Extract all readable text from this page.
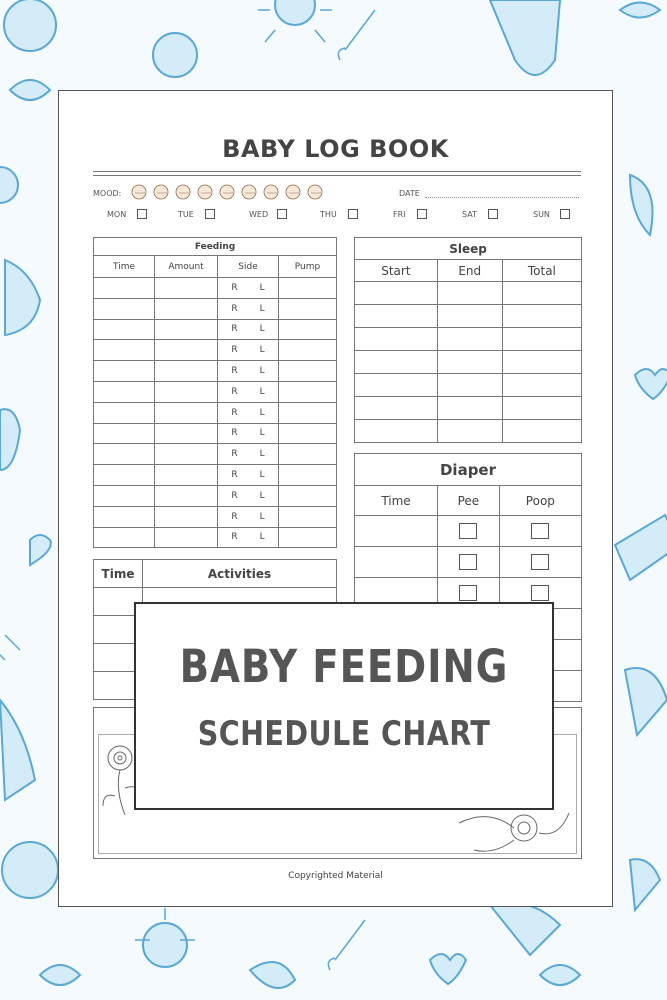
BABY LOG BOOK
MOOD:	DATE
MON	TUE	WED	THU	FRI	SAT	SUN
Feeding			
Time	Amount	Side	Pump
		R L	
		R L	
		R L	
		R L	
		R L	
		R L	
		R L	
		R L	
		R L	
		R L	
		R L	
		R L	
		R L	
Sleep		
Start	End	Total

Diaper		
Time	Pee	Poop

Time	Activities

Copyrighted Material
BABY FEEDING
SCHEDULE CHART
